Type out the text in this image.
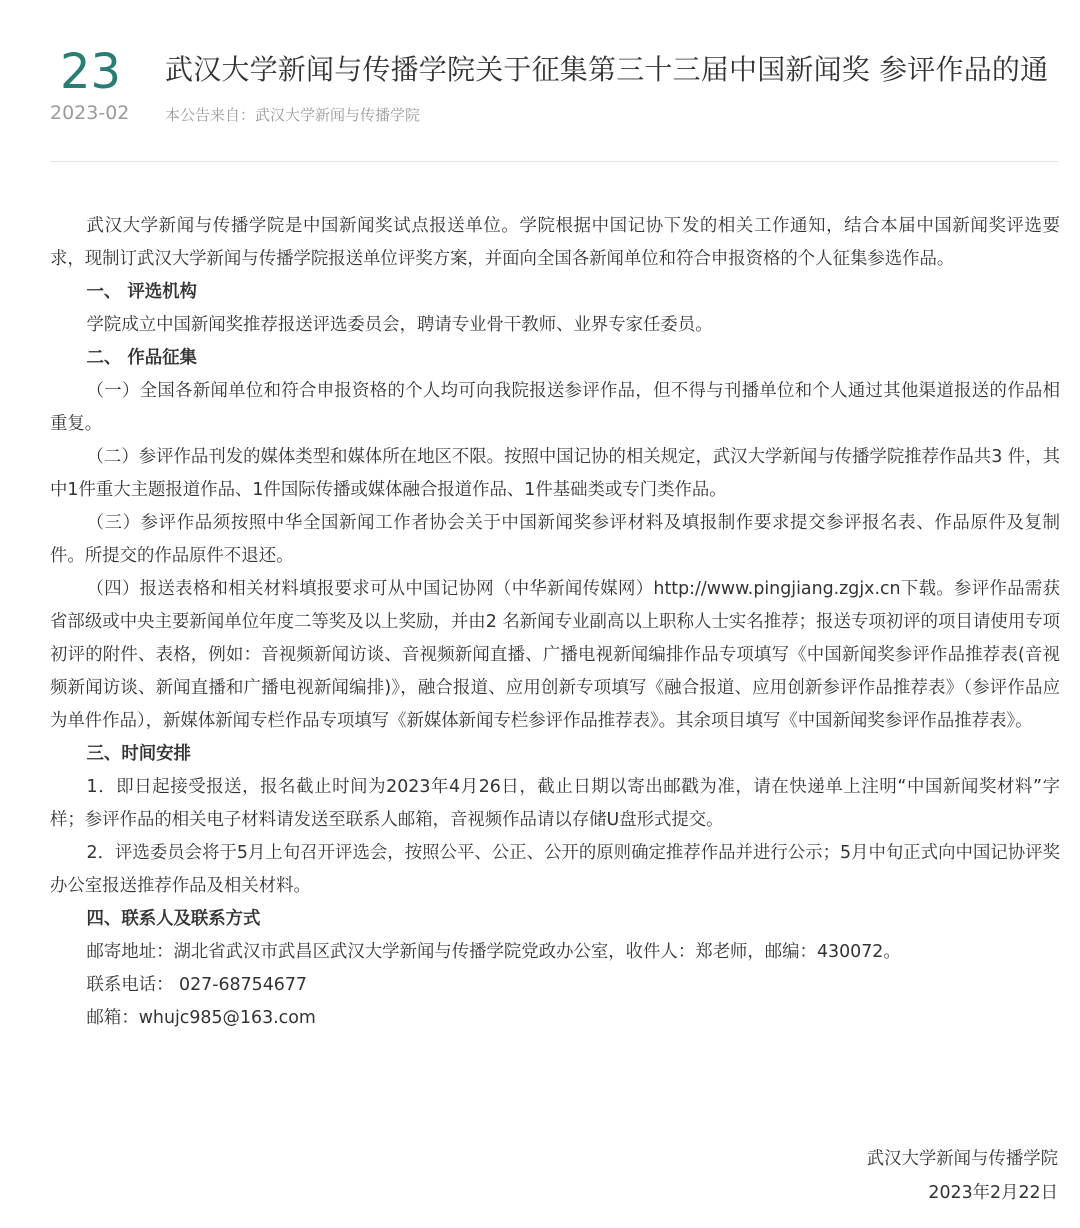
23
2023-02
武汉大学新闻与传播学院关于征集第三十三届中国新闻奖 参评作品的通
本公告来自：武汉大学新闻与传播学院

武汉大学新闻与传播学院是中国新闻奖试点报送单位。学院根据中国记协下发的相关工作通知，结合本届中国新闻奖评选要求，现制订武汉大学新闻与传播学院报送单位评奖方案，并面向全国各新闻单位和符合申报资格的个人征集参选作品。

一、 评选机构

学院成立中国新闻奖推荐报送评选委员会，聘请专业骨干教师、业界专家任委员。

二、 作品征集

（一）全国各新闻单位和符合申报资格的个人均可向我院报送参评作品，但不得与刊播单位和个人通过其他渠道报送的作品相重复。

（二）参评作品刊发的媒体类型和媒体所在地区不限。按照中国记协的相关规定，武汉大学新闻与传播学院推荐作品共3 件，其中1件重大主题报道作品、1件国际传播或媒体融合报道作品、1件基础类或专门类作品。

（三）参评作品须按照中华全国新闻工作者协会关于中国新闻奖参评材料及填报制作要求提交参评报名表、作品原件及复制件。所提交的作品原件不退还。

（四）报送表格和相关材料填报要求可从中国记协网（中华新闻传媒网）http://www.pingjiang.zgjx.cn下载。参评作品需获省部级或中央主要新闻单位年度二等奖及以上奖励，并由2 名新闻专业副高以上职称人士实名推荐；报送专项初评的项目请使用专项初评的附件、表格，例如：音视频新闻访谈、音视频新闻直播、广播电视新闻编排作品专项填写《中国新闻奖参评作品推荐表(音视频新闻访谈、新闻直播和广播电视新闻编排)》，融合报道、应用创新专项填写《融合报道、应用创新参评作品推荐表》（参评作品应为单件作品），新媒体新闻专栏作品专项填写《新媒体新闻专栏参评作品推荐表》。其余项目填写《中国新闻奖参评作品推荐表》。

三、时间安排

1．即日起接受报送，报名截止时间为2023年4月26日，截止日期以寄出邮戳为准，请在快递单上注明“中国新闻奖材料”字样；参评作品的相关电子材料请发送至联系人邮箱，音视频作品请以存储U盘形式提交。

2．评选委员会将于5月上旬召开评选会，按照公平、公正、公开的原则确定推荐作品并进行公示；5月中旬正式向中国记协评奖办公室报送推荐作品及相关材料。

四、联系人及联系方式

邮寄地址：湖北省武汉市武昌区武汉大学新闻与传播学院党政办公室，收件人：郑老师，邮编：430072。

联系电话： 027-68754677

邮箱：whujc985@163.com

武汉大学新闻与传播学院
2023年2月22日
